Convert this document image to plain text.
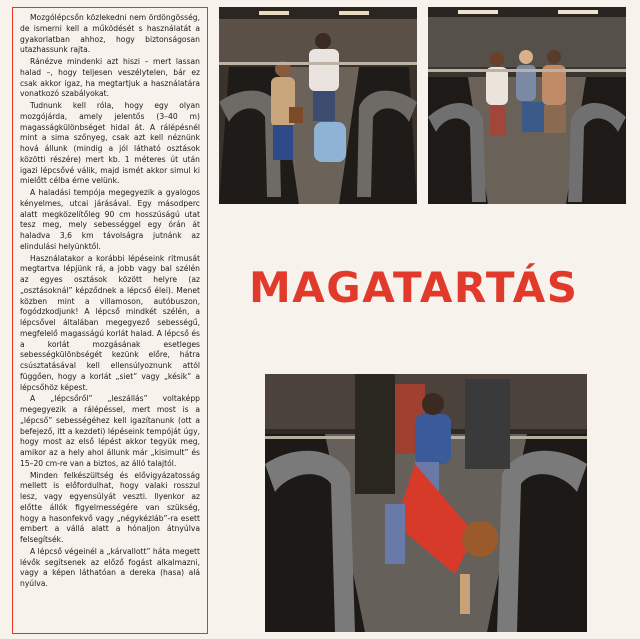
Mozgólépcsőn közlekedni nem ördöngösség, de ismerni kell a működését s használatát a gyakorlatban ahhoz, hogy biztonságosan utazhassunk rajta.

Ránézve mindenki azt hiszi – mert lassan halad –, hogy teljesen veszélytelen, bár ez csak akkor igaz, ha megtartjuk a használatára vonatkozó szabályokat.

Tudnunk kell róla, hogy egy olyan mozgójárda, amely jelentős (3–40 m) magasságkülönbséget hidal át. A rálépésnél mint a sima szőnyeg, csak azt kell néznünk hová állunk (mindig a jól látható osztások közötti részére) mert kb. 1 méteres út után igazi lépcsővé válik, majd ismét akkor simul ki mielőtt célba érne velünk.

A haladási tempója megegyezik a gyalogos kényelmes, utcai járásával. Egy másodperc alatt megközelítőleg 90 cm hosszúságú utat tesz meg, mely sebességgel egy órán át haladva 3,6 km távolságra jutnánk az elindulási helyünktől.

Használatakor a korábbi lépéseink ritmusát megtartva lépjünk rá, a jobb vagy bal szélén az egyes osztások között helyre (az „osztásoknál” képződnek a lépcső élei). Menet közben mint a villamoson, autóbuszon, fogódzkodjunk! A lépcső mindkét szélén, a lépcsővel általában megegyező sebességű, megfelelő magasságú korlát halad. A lépcső és a korlát mozgásának esetleges sebességkülönbségét kezünk előre, hátra csúsztatásával kell ellensúlyoznunk attól függően, hogy a korlát „siet” vagy „késik” a lépcsőhöz képest.

A „lépcsőről” „leszállás” voltaképp megegyezik a rálépéssel, mert most is a „lépcső” sebességéhez kell igazítanunk (ott a befejező, itt a kezdeti) lépéseink tempóját úgy, hogy most az első lépést akkor tegyük meg, amikor az a hely ahol állunk már „kisimult” és 15–20 cm-re van a biztos, az álló talajtól.

Minden felkészültség és elővigyázatosság mellett is előfordulhat, hogy valaki rosszul lesz, vagy egyensúlyát veszti. Ilyenkor az előtte állók figyelmességére van szükség, hogy a hasonfekvő vagy „négykézláb”-ra esett embert a vállá alatt a hónaljon átnyúlva felsegítsék.

A lépcső végeinél a „kárvallott” háta megett lévők segítsenek az előző fogást alkalmazni, vagy a képen láthatóan a dereka (hasa) alá nyúlva.

MAGATARTÁS
